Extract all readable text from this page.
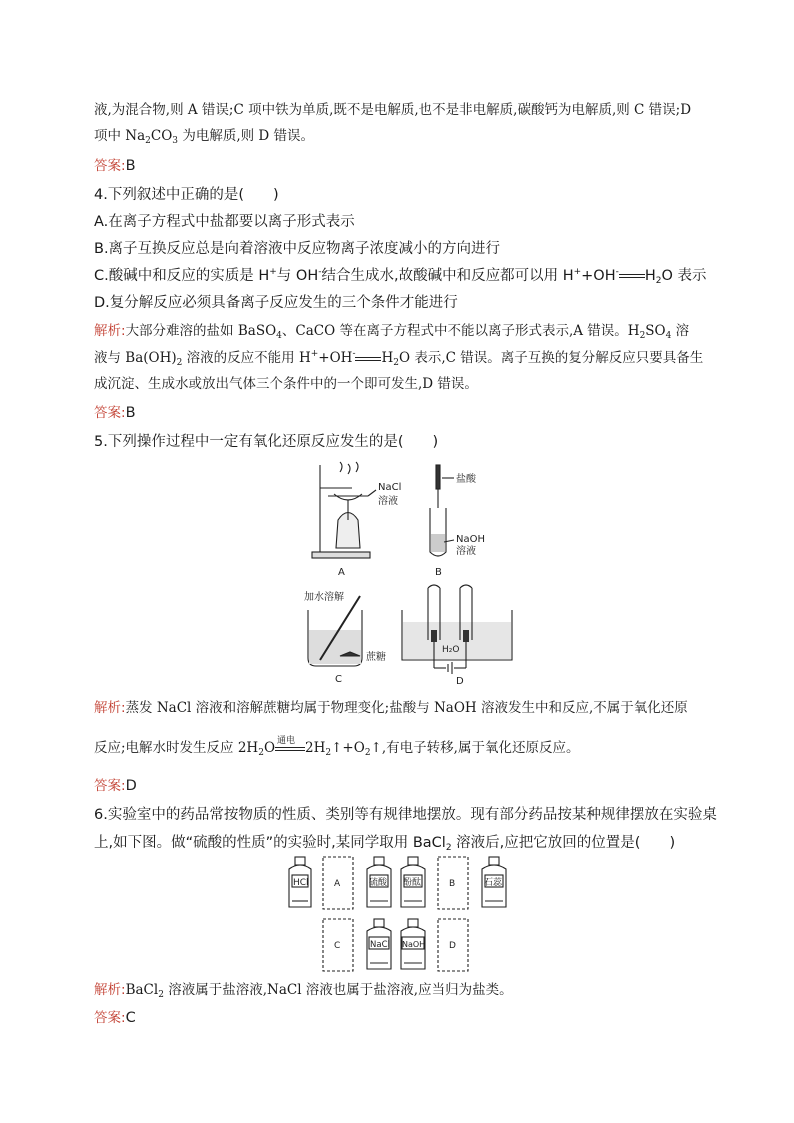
液,为混合物,则 A 错误;C 项中铁为单质,既不是电解质,也不是非电解质,碳酸钙为电解质,则 C 错误;D
项中 $Na_2CO_3$ 为电解质,则 D 错误。
答案:B
4.下列叙述中正确的是(　　)
A.在离子方程式中盐都要以离子形式表示
B.离子互换反应总是向着溶液中反应物离子浓度减小的方向进行
C.酸碱中和反应的实质是 H+与 OH-结合生成水,故酸碱中和反应都可以用 H++OH- $H_2O$ 表示
D.复分解反应必须具备离子反应发生的三个条件才能进行
解析:大部分难溶的盐如 BaSO$_4$、CaCO 等在离子方程式中不能以离子形式表示,A 错误。$H_2SO_4$ 溶
液与 $Ba(OH)_2$ 溶液的反应不能用 H++OH- $H_2O$ 表示,C 错误。离子互换的复分解反应只要具备生
成沉淀、生成水或放出气体三个条件中的一个即可发生,D 错误。
答案:B
5.下列操作过程中一定有氧化还原反应发生的是(　　)
NaCl
溶液
A
盐酸
NaOH
溶液
B
加水溶解
蔗糖
C
H₂O
D
解析:蒸发 NaCl 溶液和溶解蔗糖均属于物理变化;盐酸与 NaOH 溶液发生中和反应,不属于氧化还原
反应;电解水时发生反应 $2H_2O$ 通电 $2H_2↑+O_2↑$,有电子转移,属于氧化还原反应。
答案:D
6.实验室中的药品常按物质的性质、类别等有规律地摆放。现有部分药品按某种规律摆放在实验桌
上,如下图。做“硫酸的性质”的实验时,某同学取用 BaCl$_2$ 溶液后,应把它放回的位置是(　　)
HCl	A	硫酸 酚酞	B	石蕊
C	NaCl NaOH	D
解析:BaCl$_2$ 溶液属于盐溶液,NaCl 溶液也属于盐溶液,应当归为盐类。
答案:C
